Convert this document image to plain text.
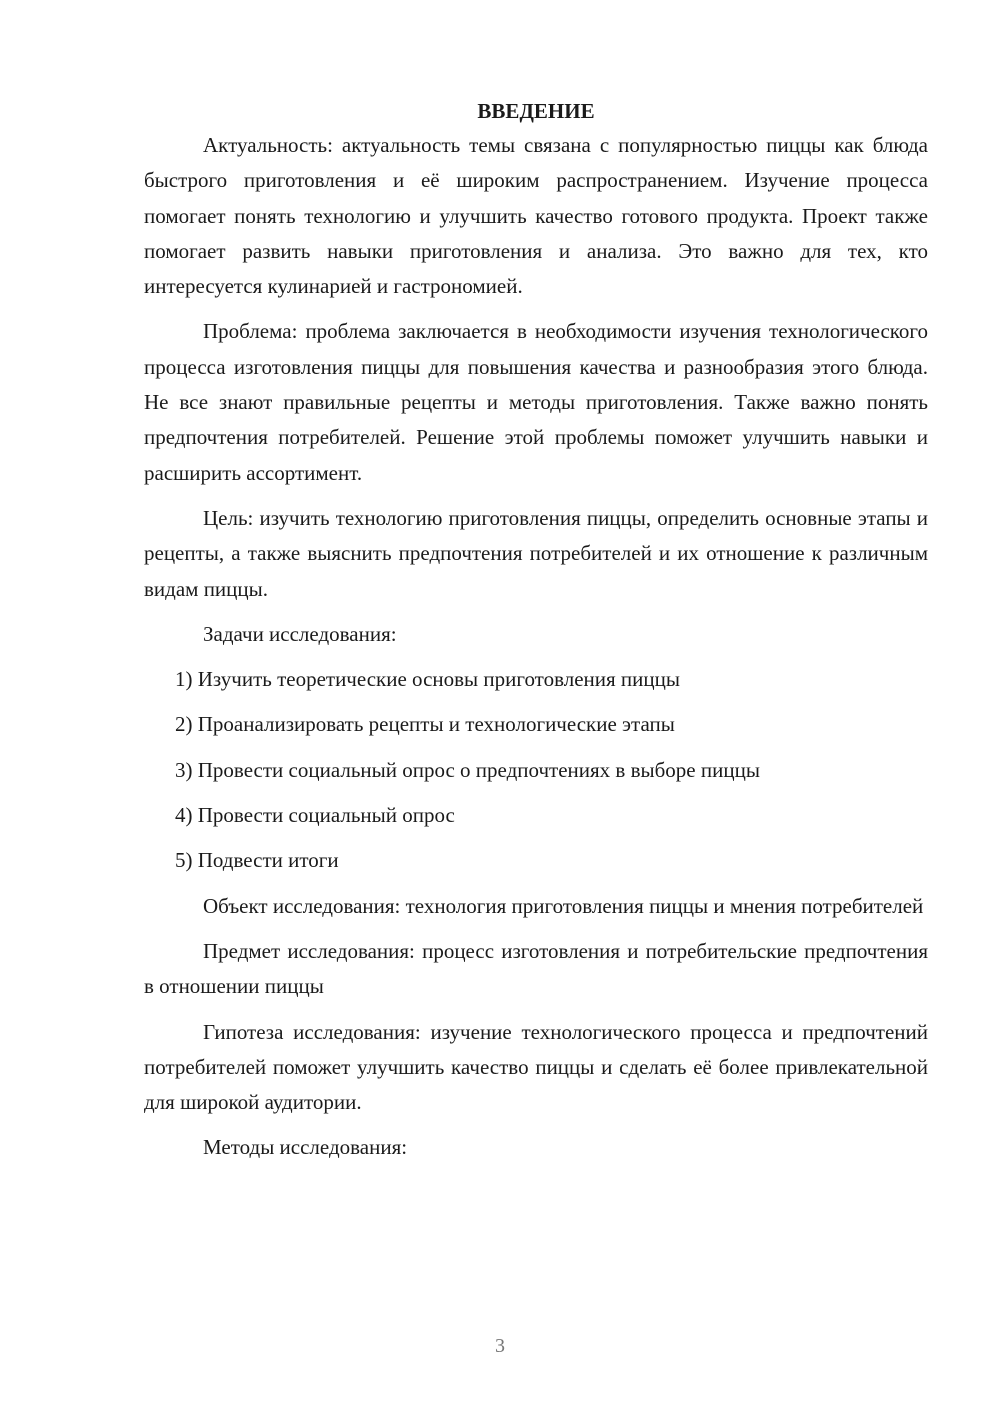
ВВЕДЕНИЕ

Актуальность: актуальность темы связана с популярностью пиццы как блюда быстрого приготовления и её широким распространением. Изучение процесса помогает понять технологию и улучшить качество готового продукта. Проект также помогает развить навыки приготовления и анализа. Это важно для тех, кто интересуется кулинарией и гастрономией.

Проблема: проблема заключается в необходимости изучения технологического процесса изготовления пиццы для повышения качества и разнообразия этого блюда. Не все знают правильные рецепты и методы приготовления. Также важно понять предпочтения потребителей. Решение этой проблемы поможет улучшить навыки и расширить ассортимент.

Цель: изучить технологию приготовления пиццы, определить основные этапы и рецепты, а также выяснить предпочтения потребителей и их отношение к различным видам пиццы.

Задачи исследования:

1) Изучить теоретические основы приготовления пиццы

2) Проанализировать рецепты и технологические этапы

3) Провести социальный опрос о предпочтениях в выборе пиццы

4) Провести социальный опрос

5) Подвести итоги

Объект исследования: технология приготовления пиццы и мнения потребителей

Предмет исследования: процесс изготовления и потребительские предпочтения в отношении пиццы

Гипотеза исследования: изучение технологического процесса и предпочтений потребителей поможет улучшить качество пиццы и сделать её более привлекательной для широкой аудитории.

Методы исследования:

3
